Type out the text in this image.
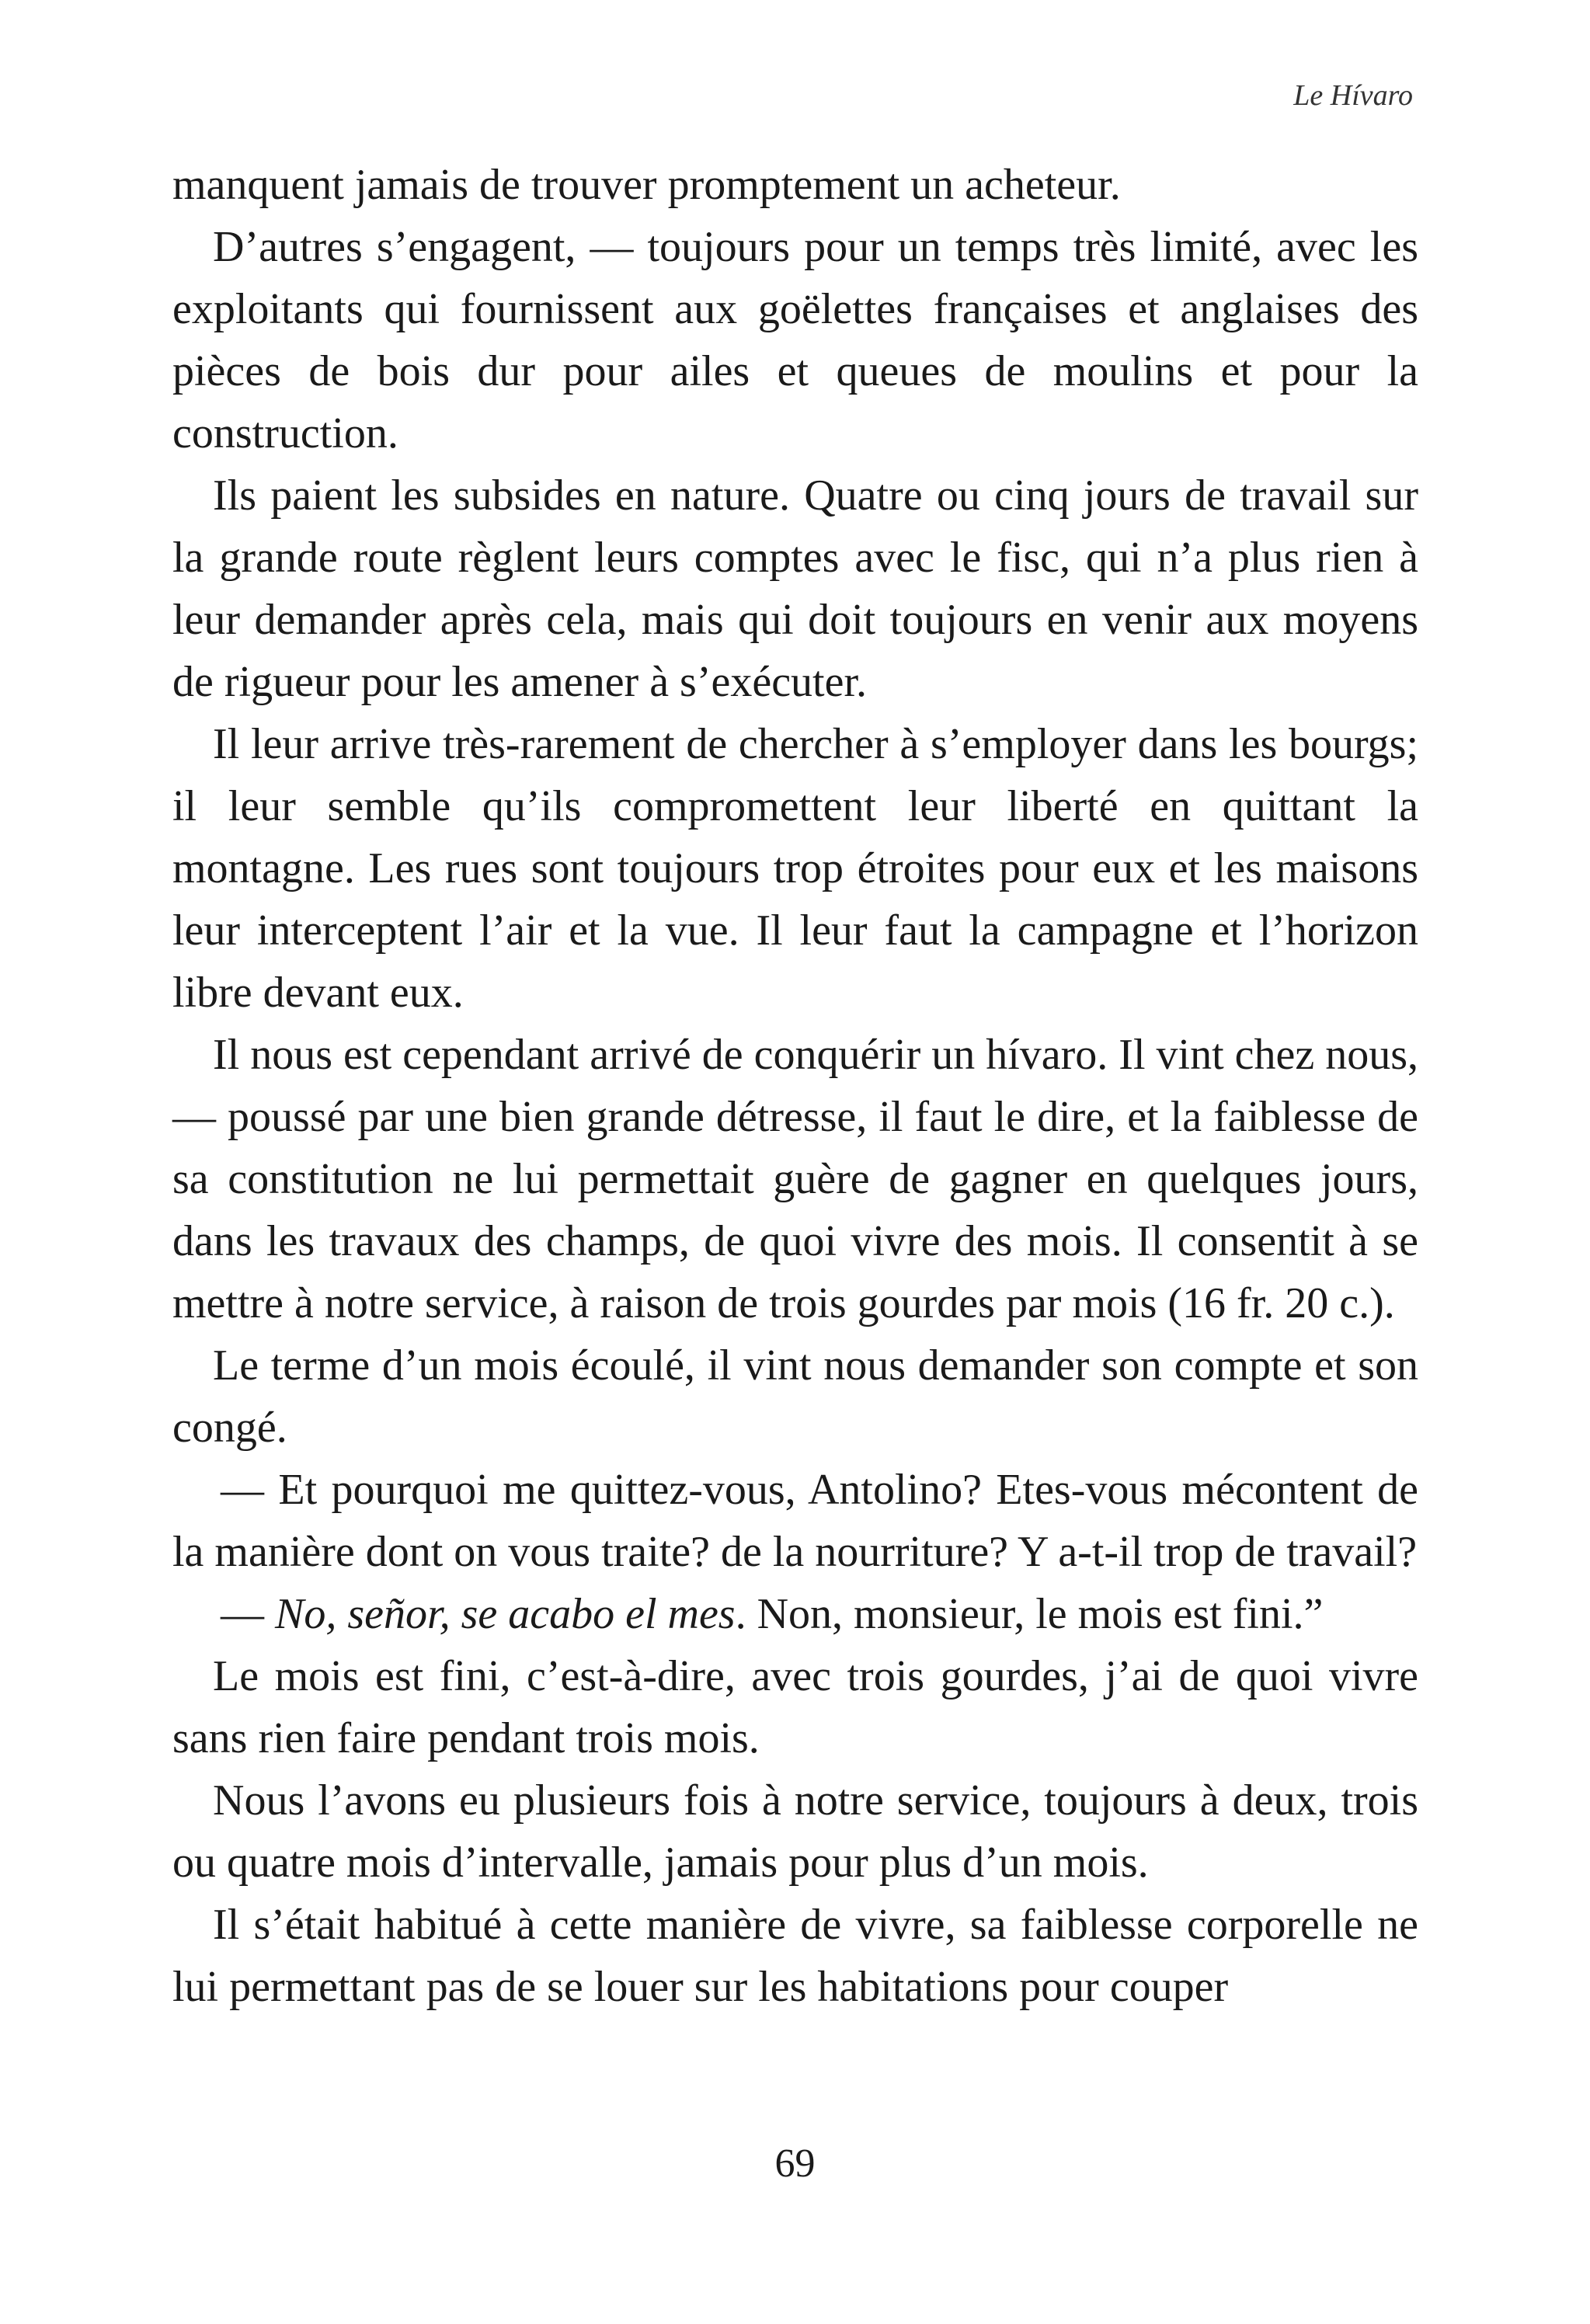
Le Hívaro

manquent jamais de trouver promptement un acheteur.

D’autres s’engagent, — toujours pour un temps très limité, avec les exploitants qui fournissent aux goëlettes françaises et anglaises des pièces de bois dur pour ailes et queues de moulins et pour la construction.

Ils paient les subsides en nature. Quatre ou cinq jours de travail sur la grande route règlent leurs comptes avec le fisc, qui n’a plus rien à leur demander après cela, mais qui doit toujours en venir aux moyens de rigueur pour les amener à s’exécuter.

Il leur arrive très-rarement de chercher à s’employer dans les bourgs; il leur semble qu’ils compromettent leur liberté en quittant la montagne. Les rues sont toujours trop étroites pour eux et les maisons leur interceptent l’air et la vue. Il leur faut la campagne et l’horizon libre devant eux.

Il nous est cependant arrivé de conquérir un hívaro. Il vint chez nous, — poussé par une bien grande détresse, il faut le dire, et la faiblesse de sa constitution ne lui permettait guère de gagner en quelques jours, dans les travaux des champs, de quoi vivre des mois. Il consentit à se mettre à notre service, à raison de trois gourdes par mois (16 fr. 20 c.).

Le terme d’un mois écoulé, il vint nous demander son compte et son congé.

— Et pourquoi me quittez-vous, Antolino? Etes-vous mécontent de la manière dont on vous traite? de la nourriture? Y a-t-il trop de travail?

— No, señor, se acabo el mes. Non, monsieur, le mois est fini.”

Le mois est fini, c’est-à-dire, avec trois gourdes, j’ai de quoi vivre sans rien faire pendant trois mois.

Nous l’avons eu plusieurs fois à notre service, toujours à deux, trois ou quatre mois d’intervalle, jamais pour plus d’un mois.

Il s’était habitué à cette manière de vivre, sa faiblesse corporelle ne lui permettant pas de se louer sur les habitations pour couper

69
